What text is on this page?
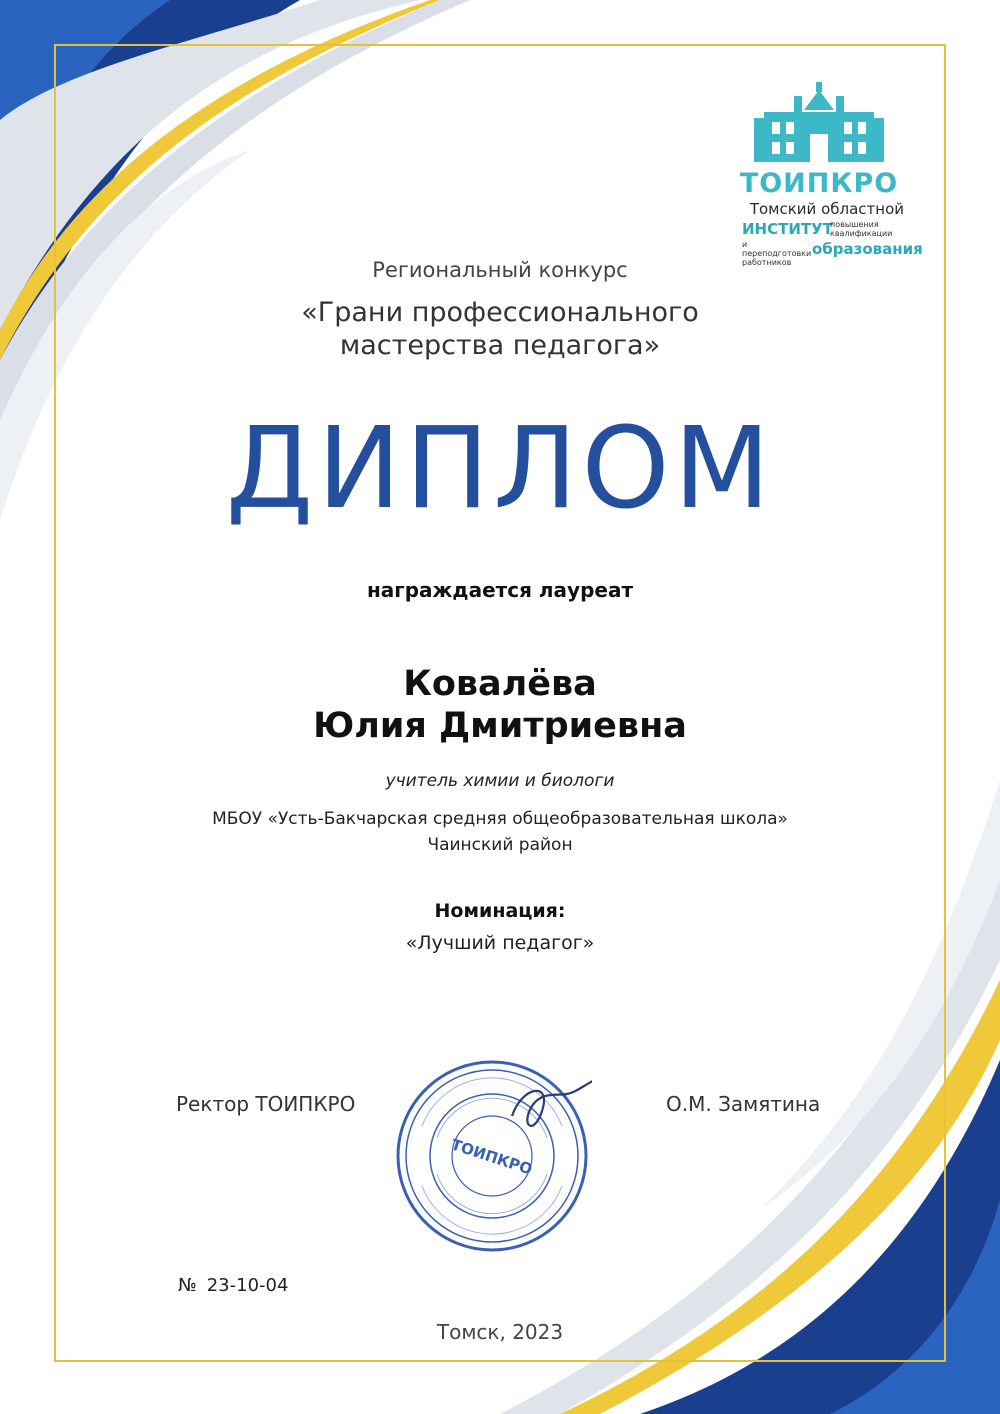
ТОИПКРО
Томский областной
ИНСТИТУТ
повышения квалификации
и переподготовки работников
образования
Региональный конкурс
«Грани профессионального
мастерства педагога»
ДИПЛОМ
награждается лауреат
Ковалёва
Юлия Дмитриевна
учитель химии и биологи
МБОУ «Усть-Бакчарская средняя общеобразовательная школа»
Чаинский район
Номинация:
«Лучший педагог»
Ректор ТОИПКРО	О.М. Замятина
ТОИПКРО
№ 23-10-04
Томск, 2023
